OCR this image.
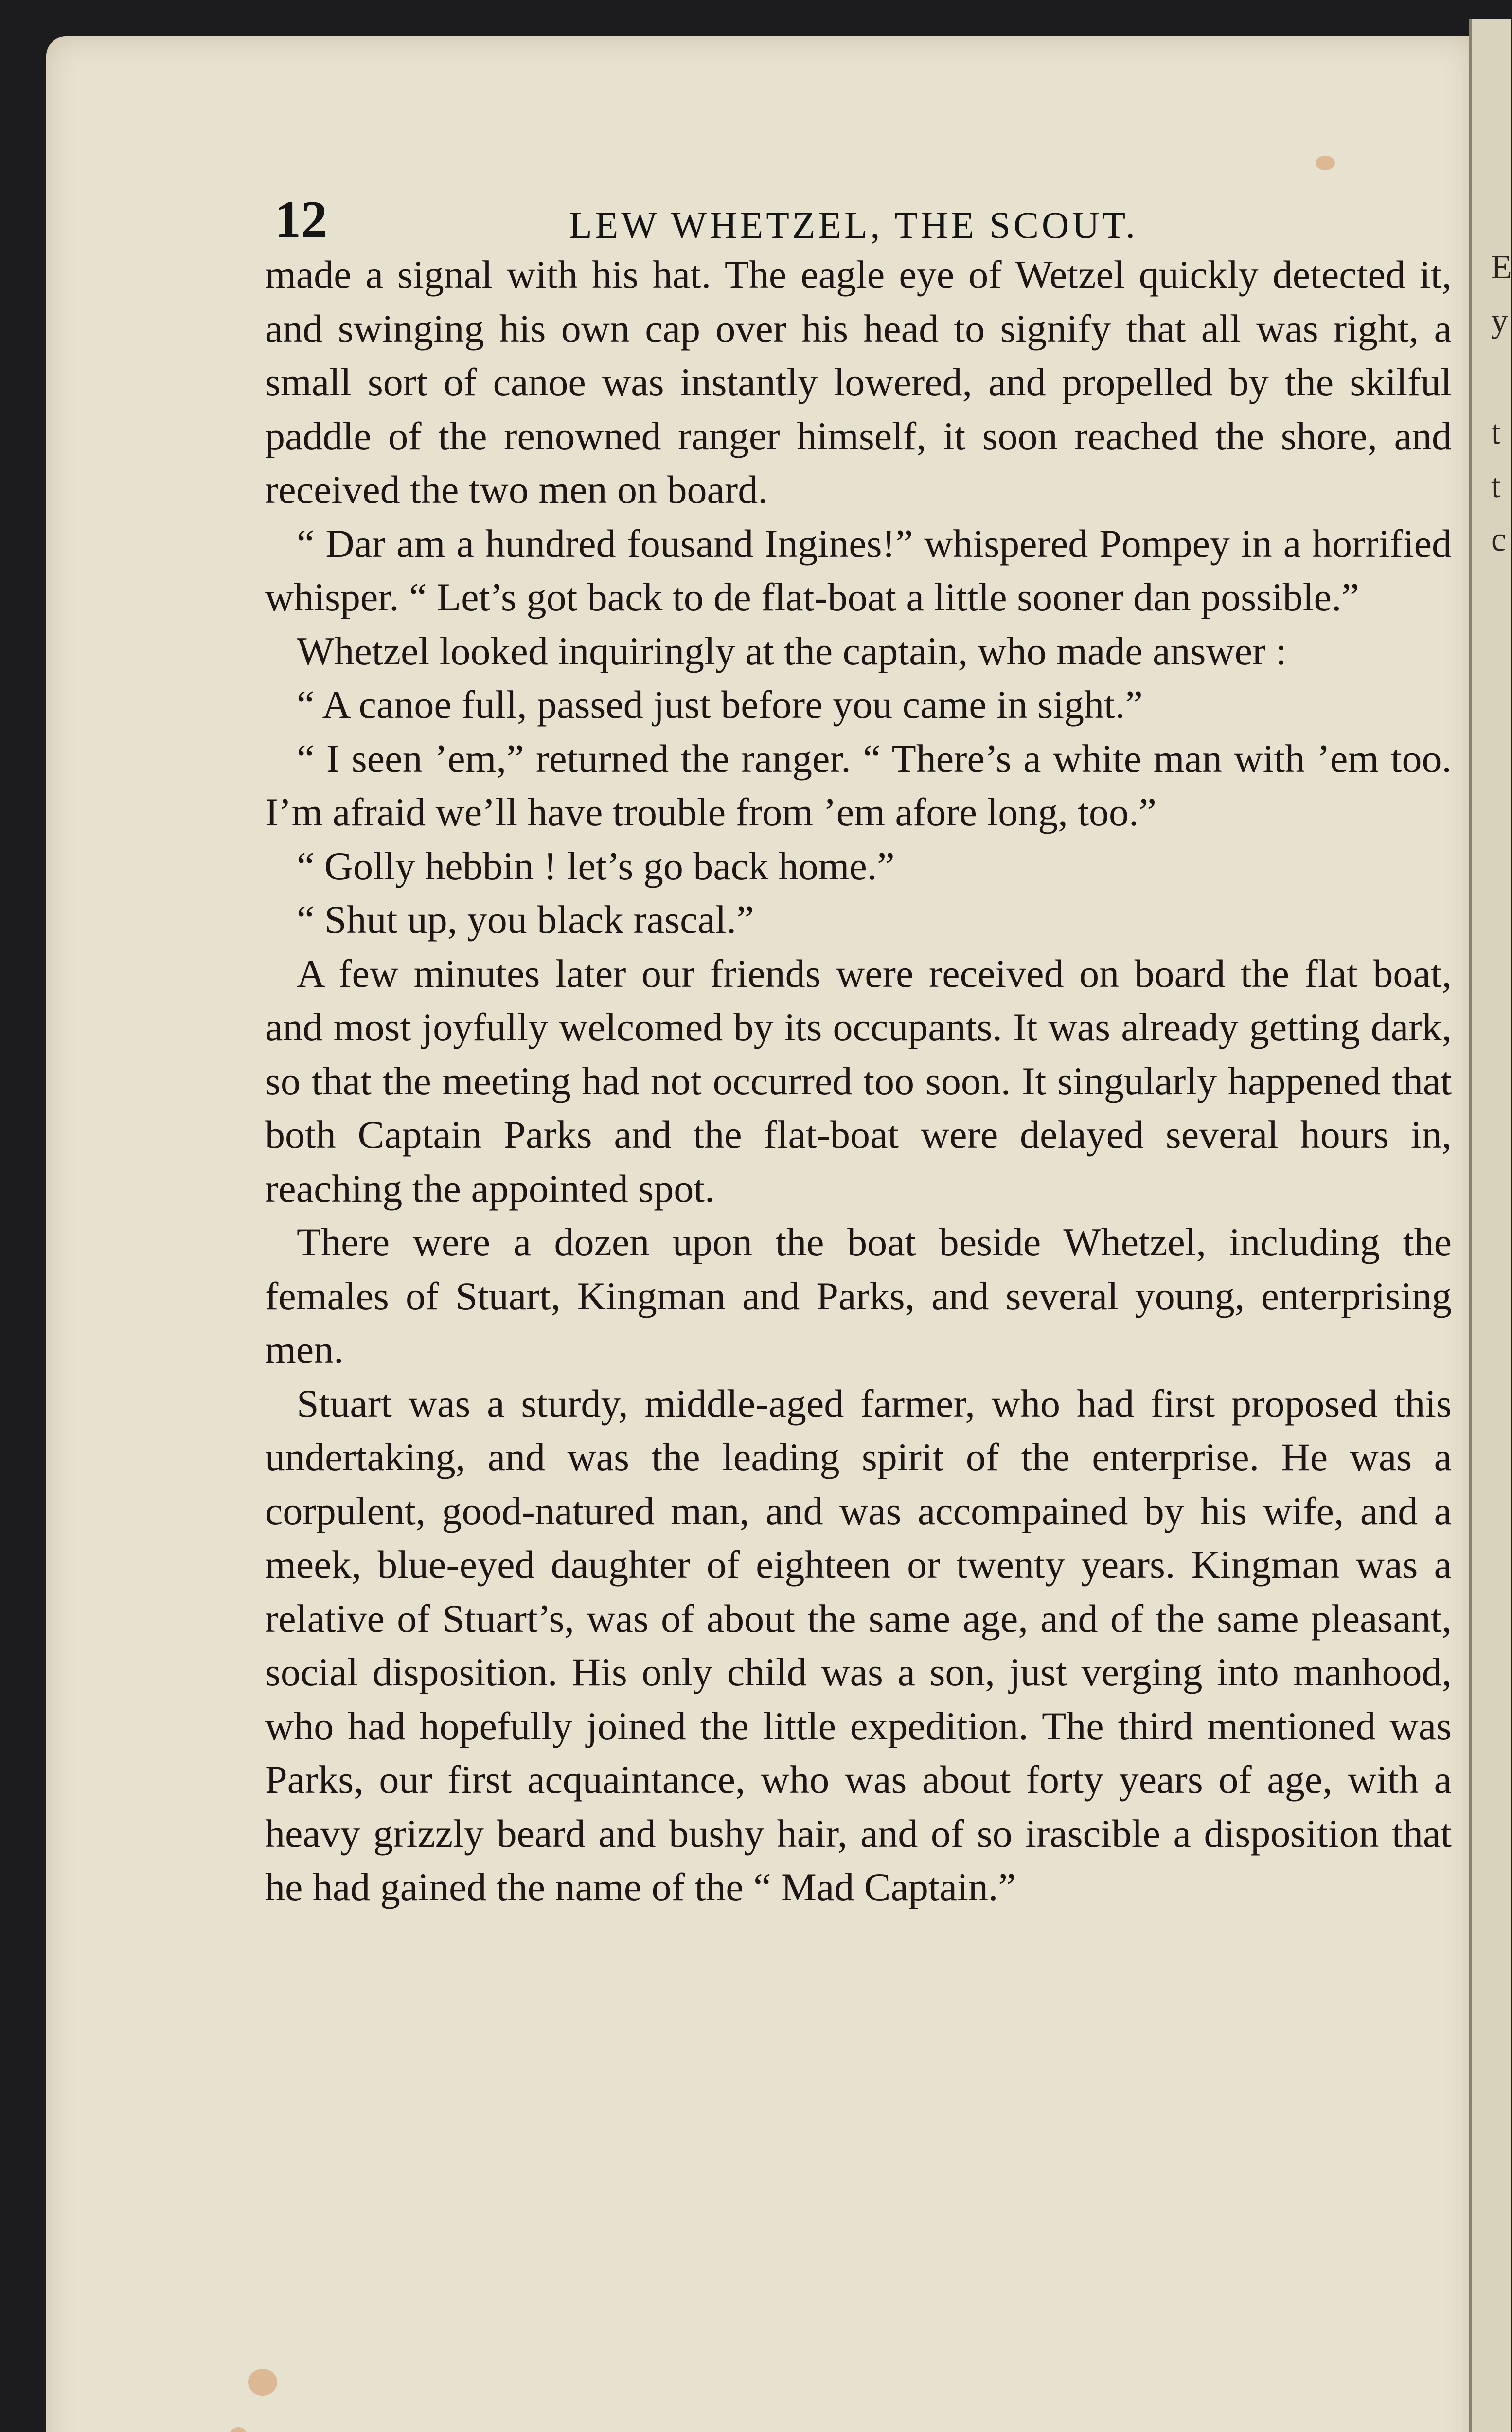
E
y
t
t
c
12	LEW WHETZEL, THE SCOUT.

made a signal with his hat. The eagle eye of Wetzel quickly detected it, and swinging his own cap over his head to signify that all was right, a small sort of canoe was instantly lowered, and propelled by the skilful paddle of the renowned ranger himself, it soon reached the shore, and received the two men on board.

“ Dar am a hundred fousand Ingines!” whispered Pompey in a horrified whisper. “ Let’s got back to de flat-boat a little sooner dan possible.”

Whetzel looked inquiringly at the captain, who made answer :

“ A canoe full, passed just before you came in sight.”

“ I seen ’em,” returned the ranger. “ There’s a white man with ’em too. I’m afraid we’ll have trouble from ’em afore long, too.”

“ Golly hebbin ! let’s go back home.”

“ Shut up, you black rascal.”

A few minutes later our friends were received on board the flat boat, and most joyfully welcomed by its occupants. It was already getting dark, so that the meeting had not occurred too soon. It singularly happened that both Captain Parks and the flat-boat were delayed several hours in, reaching the appointed spot.

There were a dozen upon the boat beside Whetzel, including the females of Stuart, Kingman and Parks, and several young, enterprising men.

Stuart was a sturdy, middle-aged farmer, who had first proposed this undertaking, and was the leading spirit of the enterprise. He was a corpulent, good-natured man, and was accompained by his wife, and a meek, blue-eyed daughter of eighteen or twenty years. Kingman was a relative of Stuart’s, was of about the same age, and of the same pleasant, social disposition. His only child was a son, just verging into manhood, who had hopefully joined the little expedition. The third mentioned was Parks, our first acquaintance, who was about forty years of age, with a heavy grizzly beard and bushy hair, and of so irascible a disposition that he had gained the name of the “ Mad Captain.”
